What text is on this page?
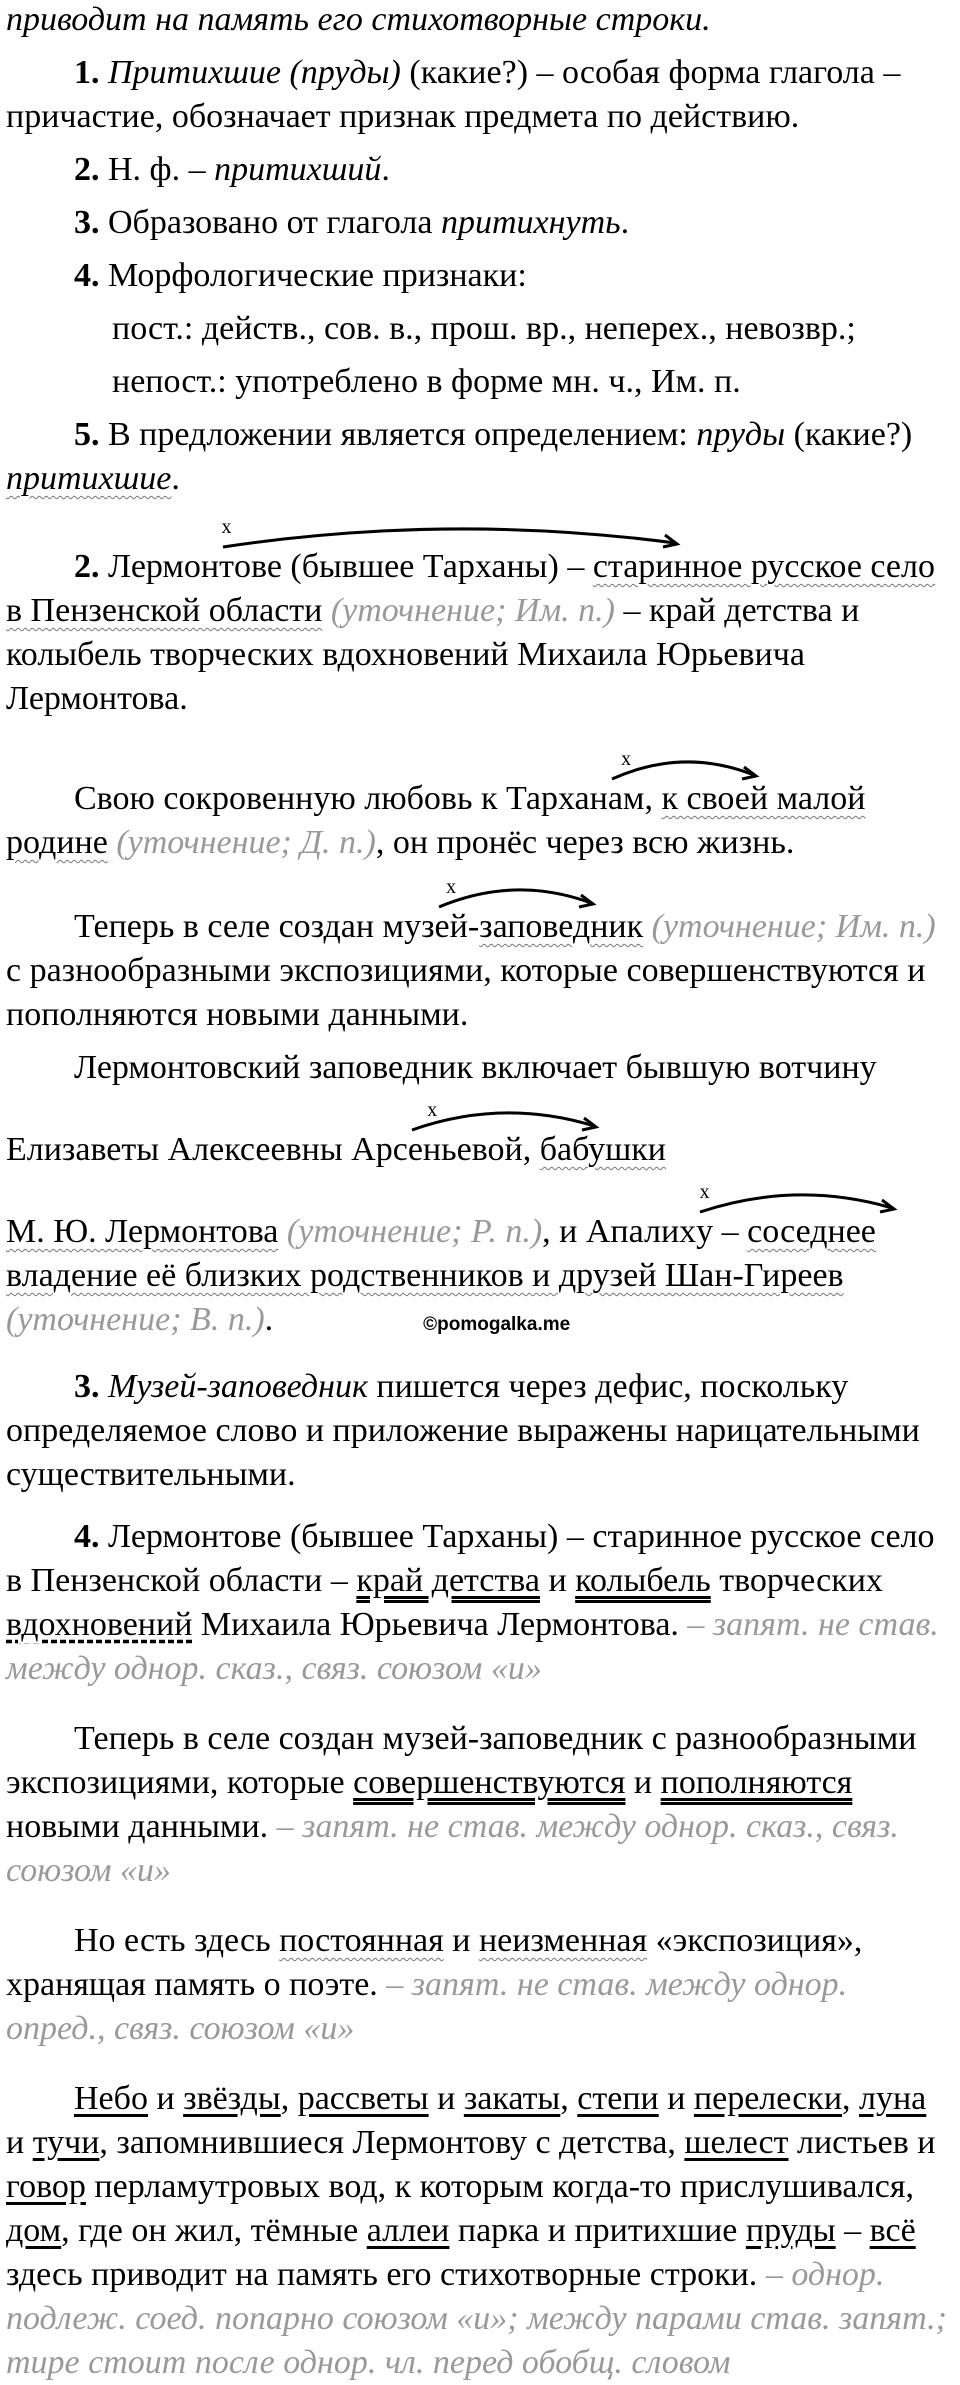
приводит на память его стихотворные строки.

1. Притихшие (пруды) (какие?) – особая форма глагола – причастие, обозначает признак предмета по действию.

2. Н. ф. – притихший.

3. Образовано от глагола притихнуть.

4. Морфологические признаки:

пост.: действ., сов. в., прош. вр., неперех., невозвр.;

непост.: употреблено в форме мн. ч., Им. п.

5. В предложении является определением: пруды (какие?) притихшие.

2. Лермон
x
тове (бывшее Тарханы) – старинное русское село в Пензенской области (уточнение; Им. п.) – край детства и колыбель творческих вдохновений Михаила Юрьевича Лермонтова.

Свою сокровенную любовь к Тархан
x
ам, к своей малой родине (уточнение; Д. п.), он пронёс через всю жизнь.

Теперь в селе создан муз
x
ей-заповедник (уточнение; Им. п.) с разнообразными экспозициями, которые совершенствуются и пополняются новыми данными.

Лермонтовский заповедник включает бывшую вотчину

Елизаветы Алексеевны Арс
x
еньевой, бабушки

М. Ю. Лермонтова (уточнение; Р. п.), и Апалих
x
у – соседнее владение её близких родственников и друзей Шан-Гиреев

(уточнение; В. п.).	©pomogalka.me

3. Музей-заповедник пишется через дефис, поскольку определяемое слово и приложение выражены нарицательными существительными.

4. Лермонтове (бывшее Тарханы) – старинное русское село в Пензенской области – край детства и колыбель творческих вдохновений Михаила Юрьевича Лермонтова. – запят. не став. между однор. сказ., связ. союзом «и»

Теперь в селе создан музей-заповедник с разнообразными экспозициями, которые совершенствуются и пополняются новыми данными. – запят. не став. между однор. сказ., связ. союзом «и»

Но есть здесь постоянная и неизменная «экспозиция», хранящая память о поэте. – запят. не став. между однор. опред., связ. союзом «и»

Небо и звёзды, рассветы и закаты, степи и перелески, луна и тучи, запомнившиеся Лермонтову с детства, шелест листьев и говор перламутровых вод, к которым когда-то прислушивался, дом, где он жил, тёмные аллеи парка и притихшие пруды – всё здесь приводит на память его стихотворные строки. – однор. подлеж. соед. попарно союзом «и»; между парами став. запят.; тире стоит после однор. чл. перед обобщ. словом
